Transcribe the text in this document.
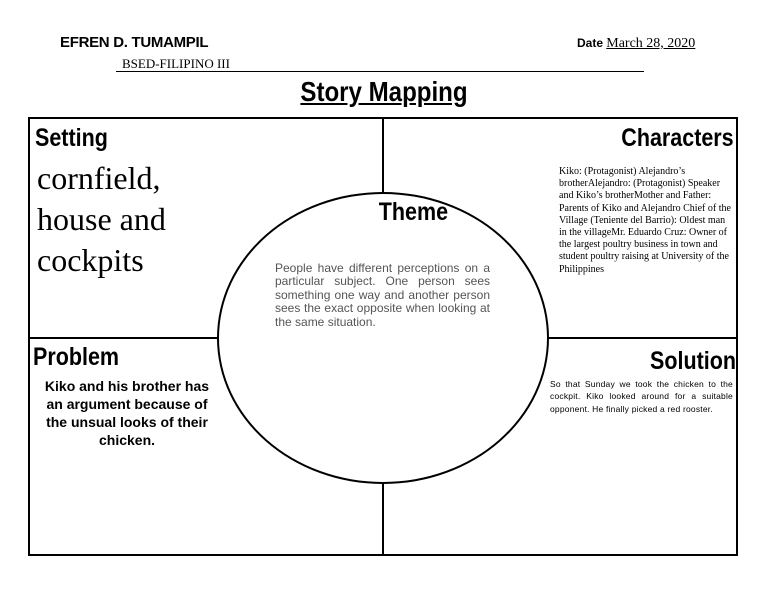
EFREN D. TUMAMPIL
BSED-FILIPINO III
Date March 28, 2020
Story Mapping
Setting	Characters
Problem	Solution
Theme
cornfield, house and cockpits
Kiko: (Protagonist) Alejandro’s brotherAlejandro: (Protagonist) Speaker and Kiko’s brotherMother and Father: Parents of Kiko and Alejandro Chief of the Village (Teniente del Barrio): Oldest man in the villageMr. Eduardo Cruz: Owner of the largest poultry business in town and student poultry raising at University of the Philippines
People have different perceptions on a particular subject. One person sees something one way and another person sees the exact opposite when looking at the same situation.
Kiko and his brother has an argument because of the unsual looks of their chicken.
So that Sunday we took the chicken to the cockpit. Kiko looked around for a suitable opponent. He finally picked a red rooster.
